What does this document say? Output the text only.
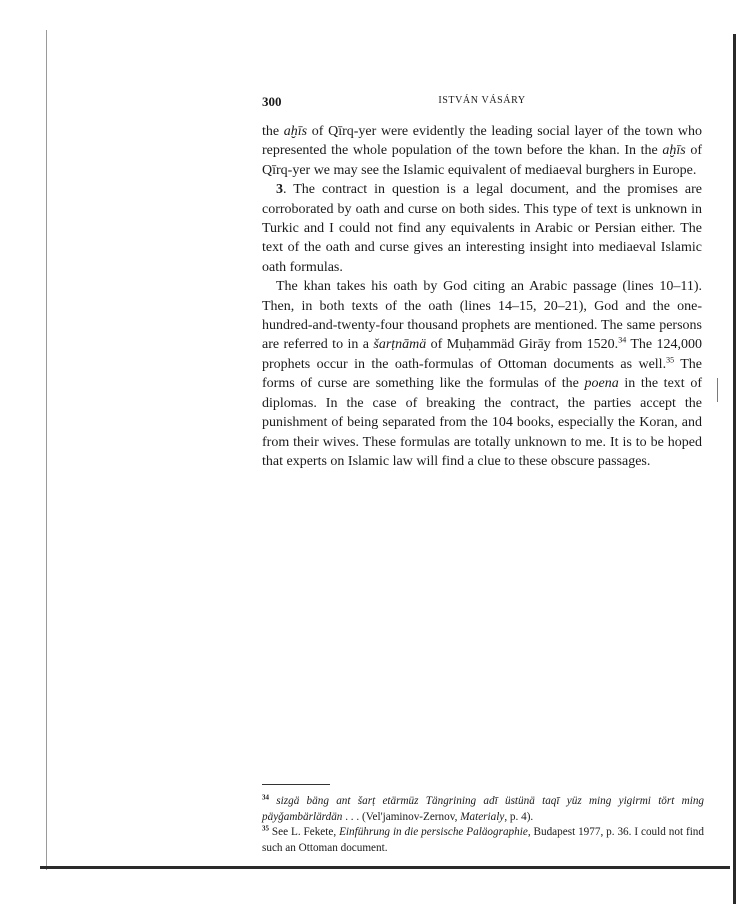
300	ISTVÁN VÁSÁRY

the aḫīs of Qīrq-yer were evidently the leading social layer of the town who represented the whole population of the town before the khan. In the aḫīs of Qīrq-yer we may see the Islamic equivalent of mediaeval burghers in Europe.

3. The contract in question is a legal document, and the promises are corroborated by oath and curse on both sides. This type of text is unknown in Turkic and I could not find any equivalents in Arabic or Persian either. The text of the oath and curse gives an interesting insight into mediaeval Islamic oath formulas.

The khan takes his oath by God citing an Arabic passage (lines 10–11). Then, in both texts of the oath (lines 14–15, 20–21), God and the one-hundred-and-twenty-four thousand prophets are mentioned. The same persons are referred to in a šarṭnāmä of Muḥammäd Girāy from 1520.34 The 124,000 prophets occur in the oath-formulas of Ottoman documents as well.$^{35}$ The forms of curse are something like the formulas of the poena in the text of diplomas. In the case of breaking the contract, the parties accept the punishment of being separated from the 104 books, especially the Koran, and from their wives. These formulas are totally unknown to me. It is to be hoped that experts on Islamic law will find a clue to these obscure passages.

$^{34}$ sizgä bäng ant šarṭ etärmüz Tängrining adī üstünä taqī yüz ming yigirmi tört ming päyǧambärlärdän . . . (Vel'jaminov-Zernov, Materialy, p. 4).

$^{35}$ See L. Fekete, Einführung in die persische Paläographie, Budapest 1977, p. 36. I could not find such an Ottoman document.
